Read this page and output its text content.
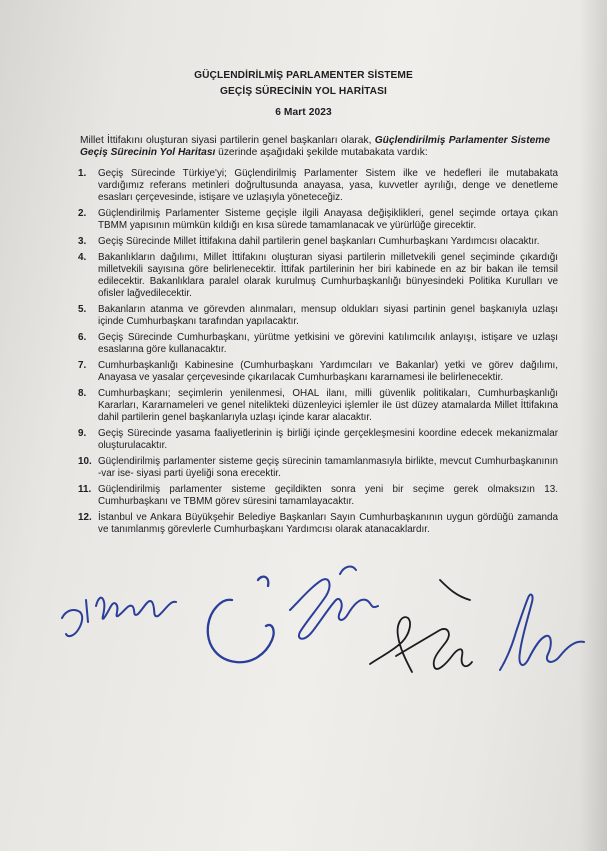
GÜÇLENDİRİLMİŞ PARLAMENTER SİSTEME
GEÇİŞ SÜRECİNİN YOL HARİTASI
6 Mart 2023
Millet İttifakını oluşturan siyasi partilerin genel başkanları olarak, Güçlendirilmiş Parlamenter Sisteme Geçiş Sürecinin Yol Haritası üzerinde aşağıdaki şekilde mutabakata vardık:
1. Geçiş Sürecinde Türkiye'yi; Güçlendirilmiş Parlamenter Sistem ilke ve hedefleri ile mutabakata vardığımız referans metinleri doğrultusunda anayasa, yasa, kuvvetler ayrılığı, denge ve denetleme esasları çerçevesinde, istişare ve uzlaşıyla yöneteceğiz.
2. Güçlendirilmiş Parlamenter Sisteme geçişle ilgili Anayasa değişiklikleri, genel seçimde ortaya çıkan TBMM yapısının mümkün kıldığı en kısa sürede tamamlanacak ve yürürlüğe girecektir.
3. Geçiş Sürecinde Millet İttifakına dahil partilerin genel başkanları Cumhurbaşkanı Yardımcısı olacaktır.
4. Bakanlıkların dağılımı, Millet İttifakını oluşturan siyasi partilerin milletvekili genel seçiminde çıkardığı milletvekili sayısına göre belirlenecektir. İttifak partilerinin her biri kabinede en az bir bakan ile temsil edilecektir. Bakanlıklara paralel olarak kurulmuş Cumhurbaşkanlığı bünyesindeki Politika Kurulları ve ofisler lağvedilecektir.
5. Bakanların atanma ve görevden alınmaları, mensup oldukları siyasi partinin genel başkanıyla uzlaşı içinde Cumhurbaşkanı tarafından yapılacaktır.
6. Geçiş Sürecinde Cumhurbaşkanı, yürütme yetkisini ve görevini katılımcılık anlayışı, istişare ve uzlaşı esaslarına göre kullanacaktır.
7. Cumhurbaşkanlığı Kabinesine (Cumhurbaşkanı Yardımcıları ve Bakanlar) yetki ve görev dağılımı, Anayasa ve yasalar çerçevesinde çıkarılacak Cumhurbaşkanı kararnamesi ile belirlenecektir.
8. Cumhurbaşkanı; seçimlerin yenilenmesi, OHAL ilanı, milli güvenlik politikaları, Cumhurbaşkanlığı Kararları, Kararnameleri ve genel nitelikteki düzenleyici işlemler ile üst düzey atamalarda Millet İttifakına dahil partilerin genel başkanlarıyla uzlaşı içinde karar alacaktır.
9. Geçiş Sürecinde yasama faaliyetlerinin iş birliği içinde gerçekleşmesini koordine edecek mekanizmalar oluşturulacaktır.
10. Güçlendirilmiş parlamenter sisteme geçiş sürecinin tamamlanmasıyla birlikte, mevcut Cumhurbaşkanının -var ise- siyasi parti üyeliği sona erecektir.
11. Güçlendirilmiş parlamenter sisteme geçildikten sonra yeni bir seçime gerek olmaksızın 13. Cumhurbaşkanı ve TBMM görev süresini tamamlayacaktır.
12. İstanbul ve Ankara Büyükşehir Belediye Başkanları Sayın Cumhurbaşkanının uygun gördüğü zamanda ve tanımlanmış görevlerle Cumhurbaşkanı Yardımcısı olarak atanacaklardır.
